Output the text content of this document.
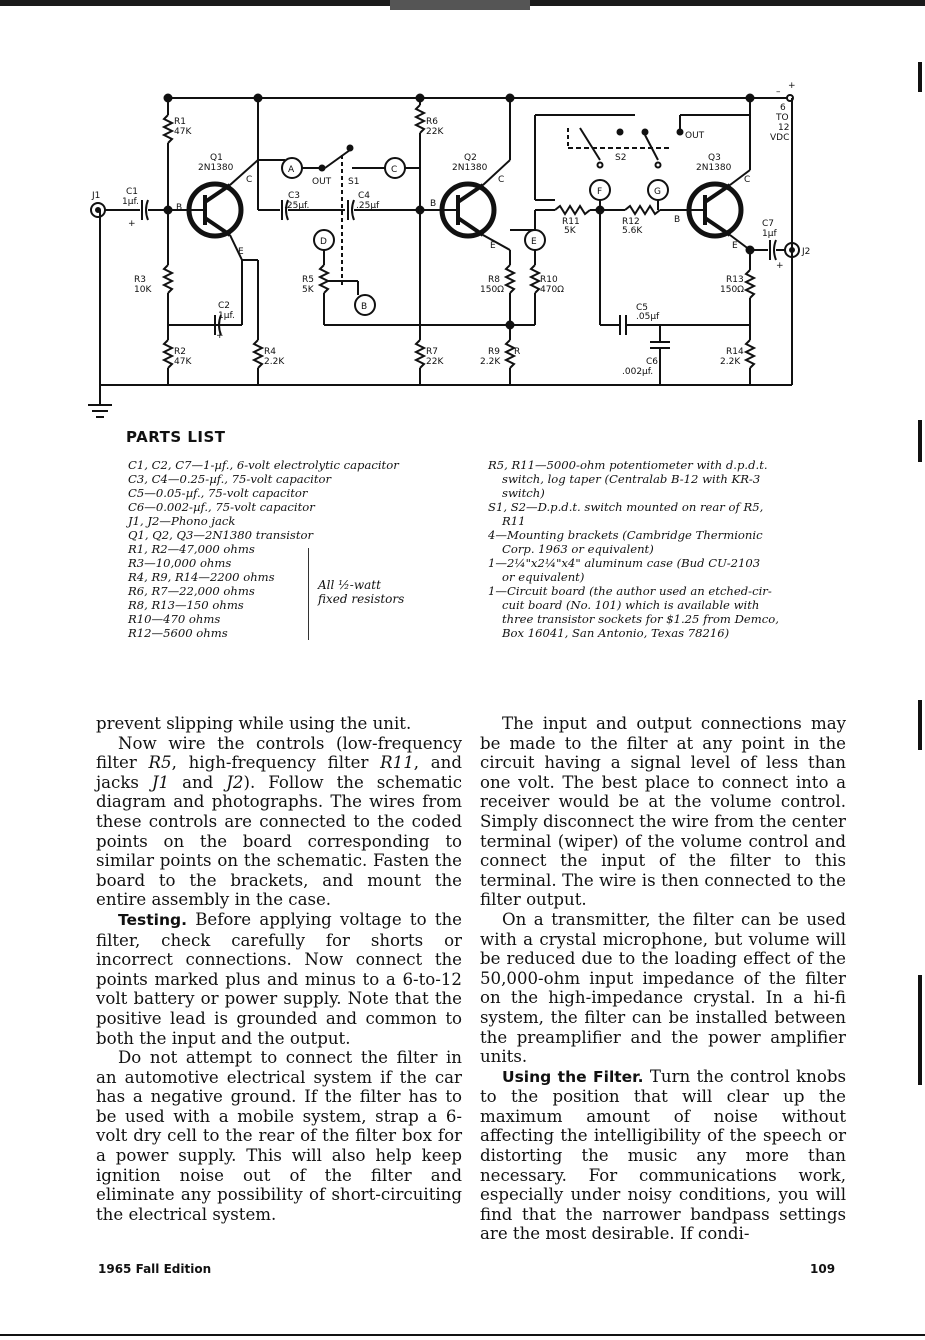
R1
47K
Q1
2N1380
J1	C1
1µf.
+
B
C
E
R3
10K
C2
1µf.
+
R2
47K
R4
2.2K
C3
.25µf.
C4
.25µf
OUT S1
R5
5K
R6
22K
Q2
2N1380
B
C
E
R7
22K
R8
150Ω
R9
2.2K
R
R10
470Ω
R11
5K
R12
5.6K
S2
OUT
Q3
2N1380
B
C
E
C5
.05µf
C6
.002µf.
C7
1µf
+
J2
R13
150Ω
R14
2.2K
–
+
6
TO
12
VDC
A	C
D
B
E
F	G
PARTS LIST
C1, C2, C7—1-µf., 6-volt electrolytic capacitor
C3, C4—0.25-µf., 75-volt capacitor
C5—0.05-µf., 75-volt capacitor
C6—0.002-µf., 75-volt capacitor
J1, J2—Phono jack
Q1, Q2, Q3—2N1380 transistor
R1, R2—47,000 ohms
R3—10,000 ohms
R4, R9, R14—2200 ohms
R6, R7—22,000 ohms
R8, R13—150 ohms
R10—470 ohms
R12—5600 ohms
All ½-watt
fixed resistors
R5, R11—5000-ohm potentiometer with d.p.d.t.
switch, log taper (Centralab B-12 with KR-3
switch)
S1, S2—D.p.d.t. switch mounted on rear of R5,
R11
4—Mounting brackets (Cambridge Thermionic
Corp. 1963 or equivalent)
1—2¼"x2¼"x4" aluminum case (Bud CU-2103
or equivalent)
1—Circuit board (the author used an etched-cir-
cuit board (No. 101) which is available with
three transistor sockets for $1.25 from Demco,
Box 16041, San Antonio, Texas 78216)

prevent slipping while using the unit.

Now wire the controls (low-frequency filter R5, high-frequency filter R11, and jacks J1 and J2). Follow the schematic diagram and photographs. The wires from these controls are connected to the coded points on the board corresponding to similar points on the schematic. Fasten the board to the brackets, and mount the entire assembly in the case.

Testing. Before applying voltage to the filter, check carefully for shorts or incorrect connections. Now connect the points marked plus and minus to a 6-to-12 volt battery or power supply. Note that the positive lead is grounded and common to both the input and the output.

Do not attempt to connect the filter in an automotive electrical system if the car has a negative ground. If the filter has to be used with a mobile system, strap a 6-volt dry cell to the rear of the filter box for a power supply. This will also help keep ignition noise out of the filter and eliminate any possibility of short-circuiting the electrical system.

The input and output connections may be made to the filter at any point in the circuit having a signal level of less than one volt. The best place to connect into a receiver would be at the volume control. Simply disconnect the wire from the center terminal (wiper) of the volume control and connect the input of the filter to this terminal. The wire is then connected to the filter output.

On a transmitter, the filter can be used with a crystal microphone, but volume will be reduced due to the loading effect of the 50,000-ohm input impedance of the filter on the high-impedance crystal. In a hi-fi system, the filter can be installed between the preamplifier and the power amplifier units.

Using the Filter. Turn the control knobs to the position that will clear up the maximum amount of noise without affecting the intelligibility of the speech or distorting the music any more than necessary. For communications work, especially under noisy conditions, you will find that the narrower bandpass settings are the most desirable. If condi-

1965 Fall Edition	109
